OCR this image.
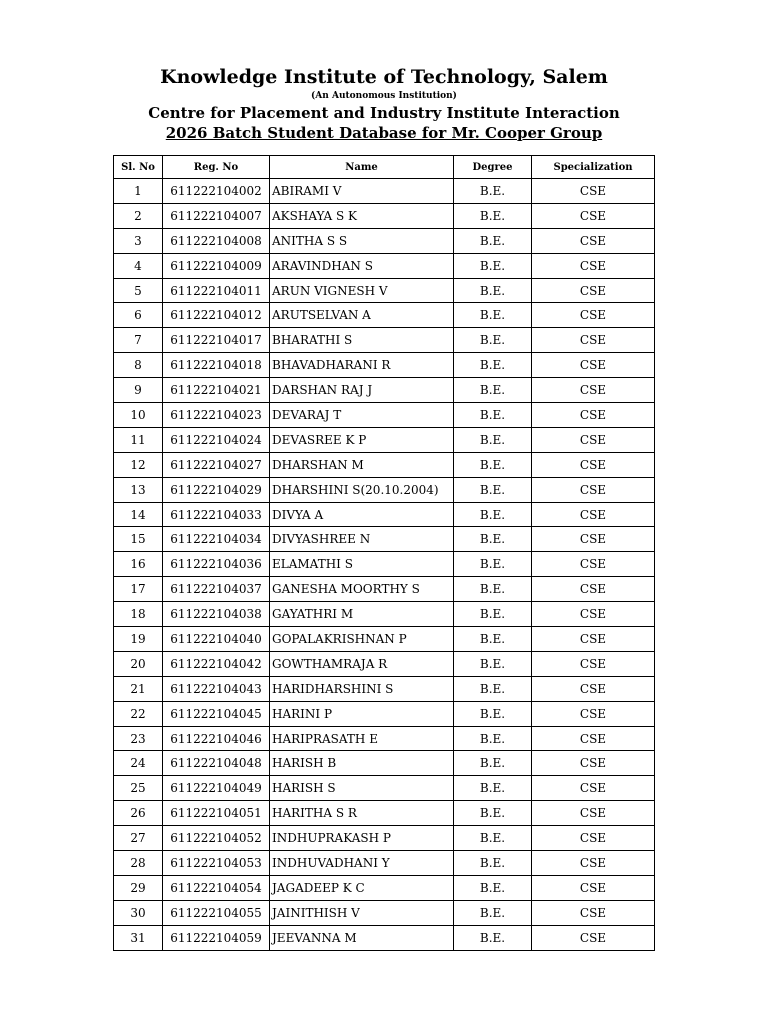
Knowledge Institute of Technology, Salem
(An Autonomous Institution)
Centre for Placement and Industry Institute Interaction
2026 Batch Student Database for Mr. Cooper Group
Sl. No	Reg. No	Name	Degree	Specialization
1	611222104002	ABIRAMI V	B.E.	CSE
2	611222104007	AKSHAYA S K	B.E.	CSE
3	611222104008	ANITHA S S	B.E.	CSE
4	611222104009	ARAVINDHAN S	B.E.	CSE
5	611222104011	ARUN VIGNESH V	B.E.	CSE
6	611222104012	ARUTSELVAN A	B.E.	CSE
7	611222104017	BHARATHI S	B.E.	CSE
8	611222104018	BHAVADHARANI R	B.E.	CSE
9	611222104021	DARSHAN RAJ J	B.E.	CSE
10	611222104023	DEVARAJ T	B.E.	CSE
11	611222104024	DEVASREE K P	B.E.	CSE
12	611222104027	DHARSHAN M	B.E.	CSE
13	611222104029	DHARSHINI S(20.10.2004)	B.E.	CSE
14	611222104033	DIVYA A	B.E.	CSE
15	611222104034	DIVYASHREE N	B.E.	CSE
16	611222104036	ELAMATHI S	B.E.	CSE
17	611222104037	GANESHA MOORTHY S	B.E.	CSE
18	611222104038	GAYATHRI M	B.E.	CSE
19	611222104040	GOPALAKRISHNAN P	B.E.	CSE
20	611222104042	GOWTHAMRAJA R	B.E.	CSE
21	611222104043	HARIDHARSHINI S	B.E.	CSE
22	611222104045	HARINI P	B.E.	CSE
23	611222104046	HARIPRASATH E	B.E.	CSE
24	611222104048	HARISH B	B.E.	CSE
25	611222104049	HARISH S	B.E.	CSE
26	611222104051	HARITHA S R	B.E.	CSE
27	611222104052	INDHUPRAKASH P	B.E.	CSE
28	611222104053	INDHUVADHANI Y	B.E.	CSE
29	611222104054	JAGADEEP K C	B.E.	CSE
30	611222104055	JAINITHISH V	B.E.	CSE
31	611222104059	JEEVANNA M	B.E.	CSE
